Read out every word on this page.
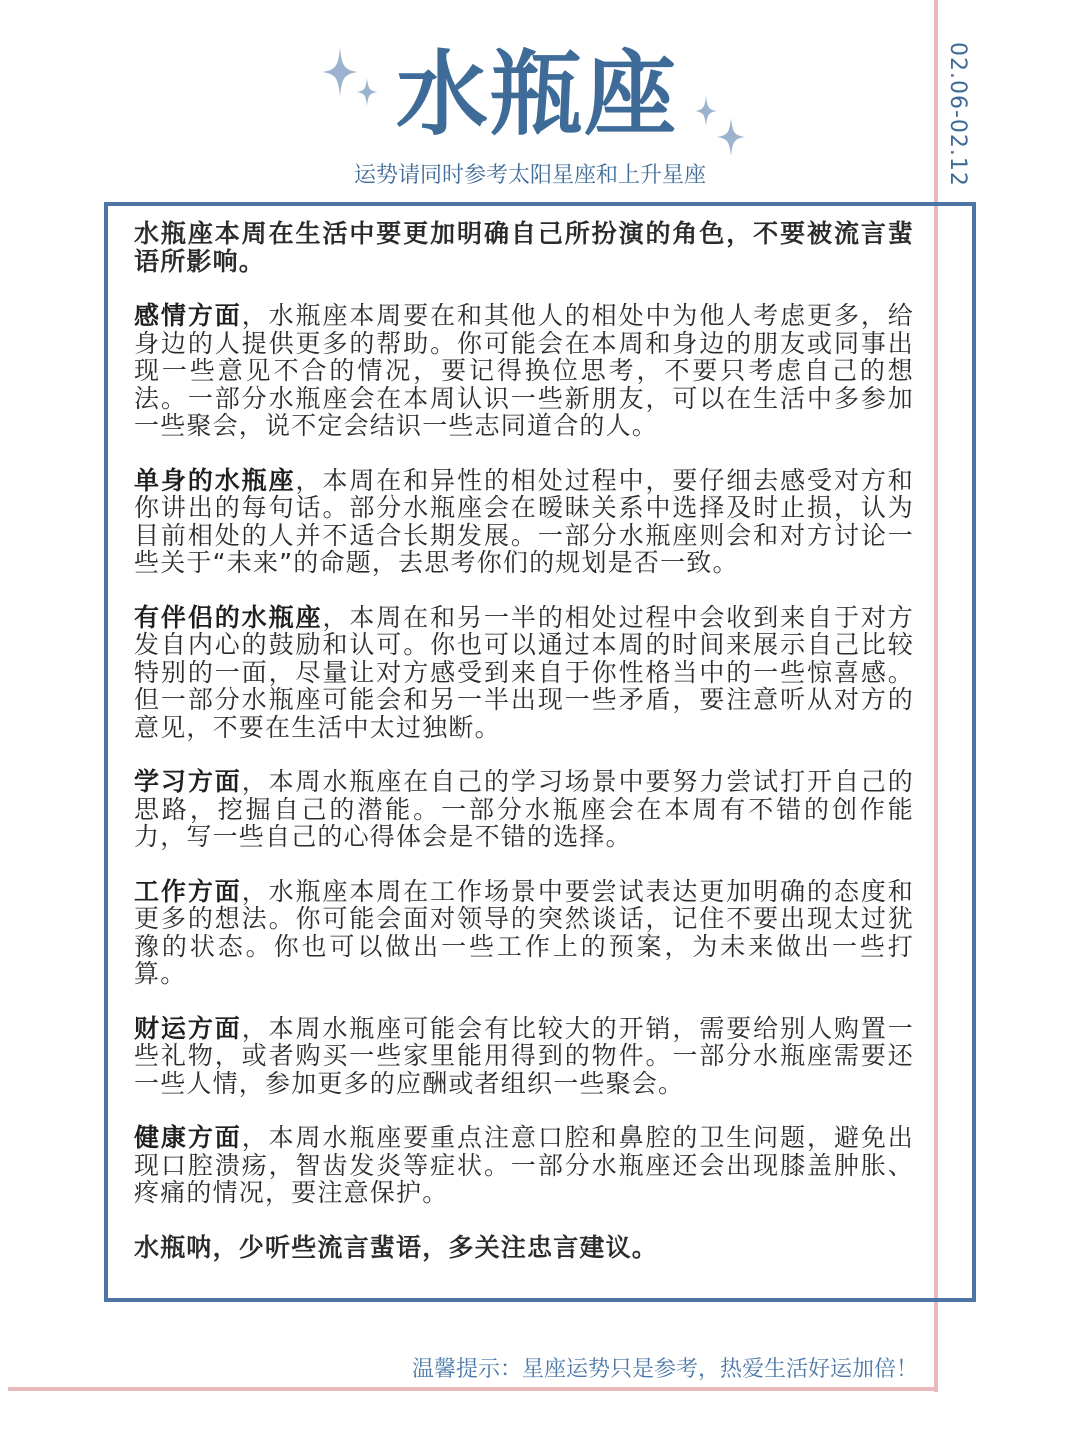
水瓶座
运势请同时参考太阳星座和上升星座	02.06-02.12

水瓶座本周在生活中要更加明确自己所扮演的角色，不要被流言蜚语所影响。

感情方面，水瓶座本周要在和其他人的相处中为他人考虑更多，给身边的人提供更多的帮助。你可能会在本周和身边的朋友或同事出现一些意见不合的情况，要记得换位思考，不要只考虑自己的想法。一部分水瓶座会在本周认识一些新朋友，可以在生活中多参加一些聚会，说不定会结识一些志同道合的人。

单身的水瓶座，本周在和异性的相处过程中，要仔细去感受对方和你讲出的每句话。部分水瓶座会在暧昧关系中选择及时止损，认为目前相处的人并不适合长期发展。一部分水瓶座则会和对方讨论一些关于“未来”的命题，去思考你们的规划是否一致。

有伴侣的水瓶座，本周在和另一半的相处过程中会收到来自于对方发自内心的鼓励和认可。你也可以通过本周的时间来展示自己比较特别的一面，尽量让对方感受到来自于你性格当中的一些惊喜感。但一部分水瓶座可能会和另一半出现一些矛盾，要注意听从对方的意见，不要在生活中太过独断。

学习方面，本周水瓶座在自己的学习场景中要努力尝试打开自己的思路，挖掘自己的潜能。一部分水瓶座会在本周有不错的创作能力，写一些自己的心得体会是不错的选择。

工作方面，水瓶座本周在工作场景中要尝试表达更加明确的态度和更多的想法。你可能会面对领导的突然谈话，记住不要出现太过犹豫的状态。你也可以做出一些工作上的预案，为未来做出一些打算。

财运方面，本周水瓶座可能会有比较大的开销，需要给别人购置一些礼物，或者购买一些家里能用得到的物件。一部分水瓶座需要还一些人情，参加更多的应酬或者组织一些聚会。

健康方面，本周水瓶座要重点注意口腔和鼻腔的卫生问题，避免出现口腔溃疡，智齿发炎等症状。一部分水瓶座还会出现膝盖肿胀、疼痛的情况，要注意保护。

水瓶呐，少听些流言蜚语，多关注忠言建议。

温馨提示：星座运势只是参考，热爱生活好运加倍！
